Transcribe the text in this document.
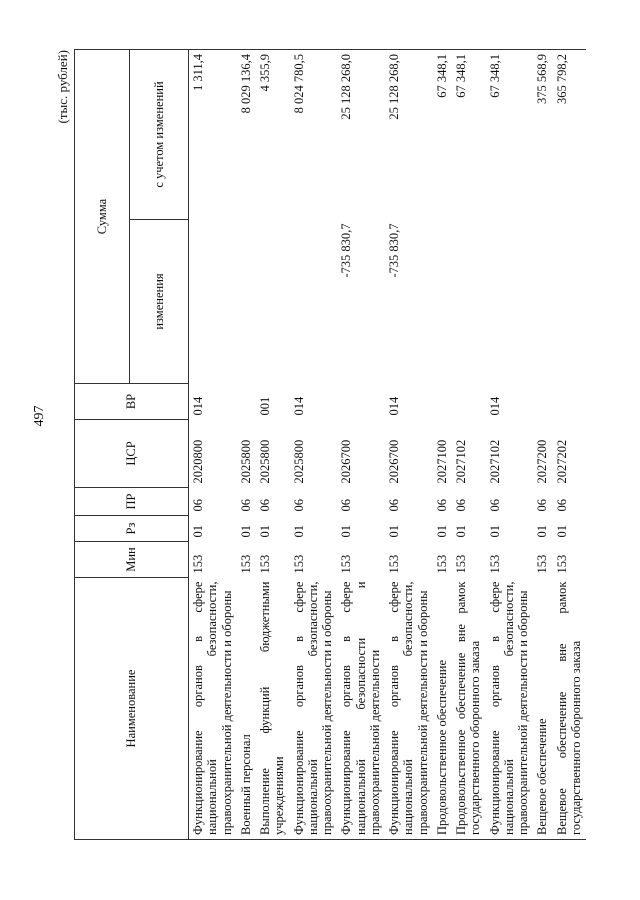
497
(тыс. рублей)
Наименование	Мин	Рз	ПР	ЦСР	ВР	Сумма	
						изменения	с учетом изменений
Функционирование органов в сфере национальной безопасности, правоохранительной деятельности и обороны	153	01	06	2020800	014		1 311,4
Военный персонал	153	01	06	2025800			8 029 136,4
Выполнение функций бюджетными учреждениями	153	01	06	2025800	001		4 355,9
Функционирование органов в сфере национальной безопасности, правоохранительной деятельности и обороны	153	01	06	2025800	014		8 024 780,5
Функционирование органов в сфере национальной безопасности и правоохранительной деятельности	153	01	06	2026700		-735 830,7	25 128 268,0
Функционирование органов в сфере национальной безопасности, правоохранительной деятельности и обороны	153	01	06	2026700	014	-735 830,7	25 128 268,0
Продовольственное обеспечение	153	01	06	2027100			67 348,1
Продовольственное обеспечение вне рамок государственного оборонного заказа	153	01	06	2027102			67 348,1
Функционирование органов в сфере национальной безопасности, правоохранительной деятельности и обороны	153	01	06	2027102	014		67 348,1
Вещевое обеспечение	153	01	06	2027200			375 568,9
Вещевое обеспечение вне рамок государственного оборонного заказа	153	01	06	2027202			365 798,2
